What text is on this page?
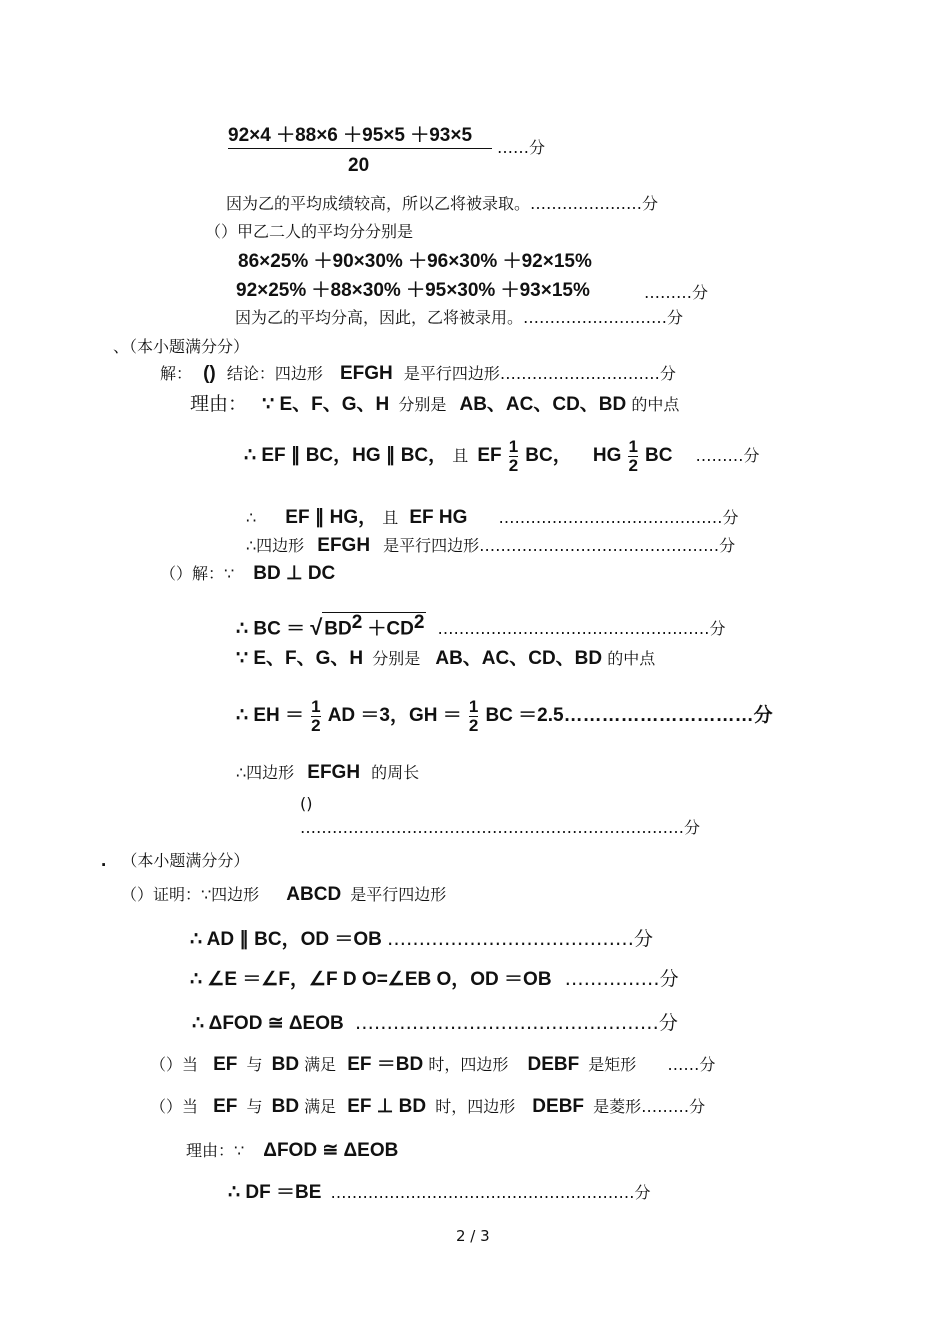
92×4 ＋88×6 ＋95×5 ＋93×5
20
……分
因为乙的平均成绩较高，所以乙将被录取。…………………分
（）甲乙二人的平均分分别是
86×25% ＋90×30% ＋96×30% ＋92×15%
92×25% ＋88×30% ＋95×30% ＋93×15%	………分
因为乙的平均分高，因此，乙将被录用。………………………分
、（本小题满分分）
解： () 结论：四边形 EFGH 是平行四边形…………………………分
理由： ∵ E、F、G、H 分别是 AB、AC、CD、BD 的中点
∴ EF ∥ BC，HG ∥ BC， 且 EF $\frac{1}{2}$ BC， HG $\frac{1}{2}$ BC ………分
∴ EF ∥ HG， 且 EF HG ……………………………………分
∴四边形 EFGH 是平行四边形………………………………………分
（）解：∵ BD ⊥ DC
∴ BC ＝ √ $BD^2 +CD^2$ ……………………………………………分
∵ E、F、G、H 分别是 AB、AC、CD、BD 的中点
∴ EH ＝ $\frac{1}{2}$ AD ＝3，GH ＝ $\frac{1}{2}$ BC ＝2.5…………………………分
∴四边形 EFGH 的周长
()
………………………………………………………………分
. （本小题满分分）
（）证明：∵四边形 ABCD 是平行四边形
∴ AD ∥ BC，OD ＝OB …………………………………分
∴ ∠E ＝∠F，∠F D O=∠EB O，OD ＝OB ……………分
∴ ΔFOD ≅ ΔEOB …………………………………………分
（）当 EF 与 BD 满足 EF ＝BD 时，四边形 DEBF 是矩形 ……分
（）当 EF 与 BD 满足 EF ⊥ BD 时，四边形 DEBF 是菱形………分
理由：∵ ΔFOD ≅ ΔEOB
∴ DF ＝BE …………………………………………………分
2 / 3
